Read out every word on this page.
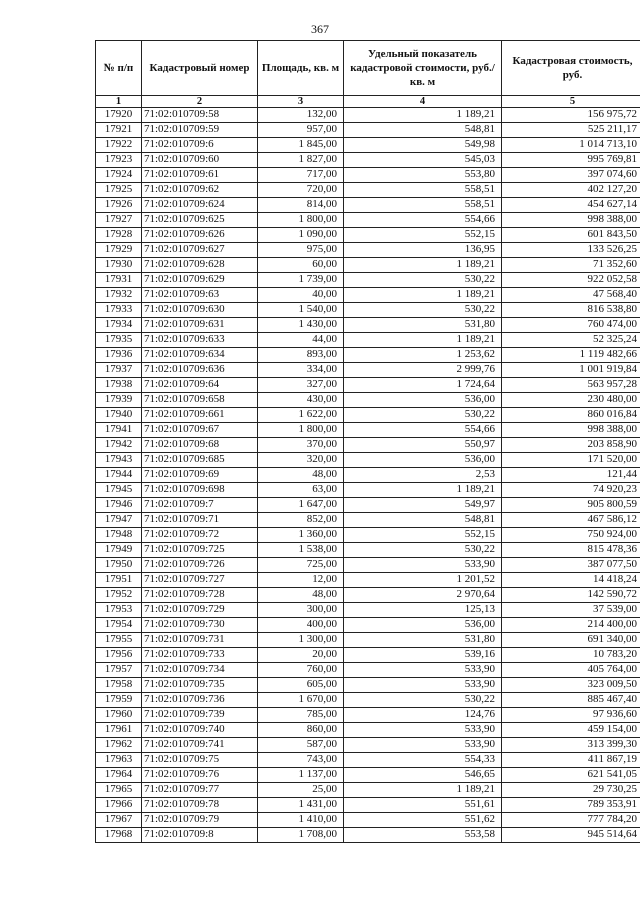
367
№ п/п	Кадастровый номер	Площадь, кв. м	Удельный показатель кадастровой стоимости, руб./кв. м	Кадастровая стоимость, руб.
1	2	3	4	5
17920	71:02:010709:58	132,00	1 189,21	156 975,72
17921	71:02:010709:59	957,00	548,81	525 211,17
17922	71:02:010709:6	1 845,00	549,98	1 014 713,10
17923	71:02:010709:60	1 827,00	545,03	995 769,81
17924	71:02:010709:61	717,00	553,80	397 074,60
17925	71:02:010709:62	720,00	558,51	402 127,20
17926	71:02:010709:624	814,00	558,51	454 627,14
17927	71:02:010709:625	1 800,00	554,66	998 388,00
17928	71:02:010709:626	1 090,00	552,15	601 843,50
17929	71:02:010709:627	975,00	136,95	133 526,25
17930	71:02:010709:628	60,00	1 189,21	71 352,60
17931	71:02:010709:629	1 739,00	530,22	922 052,58
17932	71:02:010709:63	40,00	1 189,21	47 568,40
17933	71:02:010709:630	1 540,00	530,22	816 538,80
17934	71:02:010709:631	1 430,00	531,80	760 474,00
17935	71:02:010709:633	44,00	1 189,21	52 325,24
17936	71:02:010709:634	893,00	1 253,62	1 119 482,66
17937	71:02:010709:636	334,00	2 999,76	1 001 919,84
17938	71:02:010709:64	327,00	1 724,64	563 957,28
17939	71:02:010709:658	430,00	536,00	230 480,00
17940	71:02:010709:661	1 622,00	530,22	860 016,84
17941	71:02:010709:67	1 800,00	554,66	998 388,00
17942	71:02:010709:68	370,00	550,97	203 858,90
17943	71:02:010709:685	320,00	536,00	171 520,00
17944	71:02:010709:69	48,00	2,53	121,44
17945	71:02:010709:698	63,00	1 189,21	74 920,23
17946	71:02:010709:7	1 647,00	549,97	905 800,59
17947	71:02:010709:71	852,00	548,81	467 586,12
17948	71:02:010709:72	1 360,00	552,15	750 924,00
17949	71:02:010709:725	1 538,00	530,22	815 478,36
17950	71:02:010709:726	725,00	533,90	387 077,50
17951	71:02:010709:727	12,00	1 201,52	14 418,24
17952	71:02:010709:728	48,00	2 970,64	142 590,72
17953	71:02:010709:729	300,00	125,13	37 539,00
17954	71:02:010709:730	400,00	536,00	214 400,00
17955	71:02:010709:731	1 300,00	531,80	691 340,00
17956	71:02:010709:733	20,00	539,16	10 783,20
17957	71:02:010709:734	760,00	533,90	405 764,00
17958	71:02:010709:735	605,00	533,90	323 009,50
17959	71:02:010709:736	1 670,00	530,22	885 467,40
17960	71:02:010709:739	785,00	124,76	97 936,60
17961	71:02:010709:740	860,00	533,90	459 154,00
17962	71:02:010709:741	587,00	533,90	313 399,30
17963	71:02:010709:75	743,00	554,33	411 867,19
17964	71:02:010709:76	1 137,00	546,65	621 541,05
17965	71:02:010709:77	25,00	1 189,21	29 730,25
17966	71:02:010709:78	1 431,00	551,61	789 353,91
17967	71:02:010709:79	1 410,00	551,62	777 784,20
17968	71:02:010709:8	1 708,00	553,58	945 514,64
